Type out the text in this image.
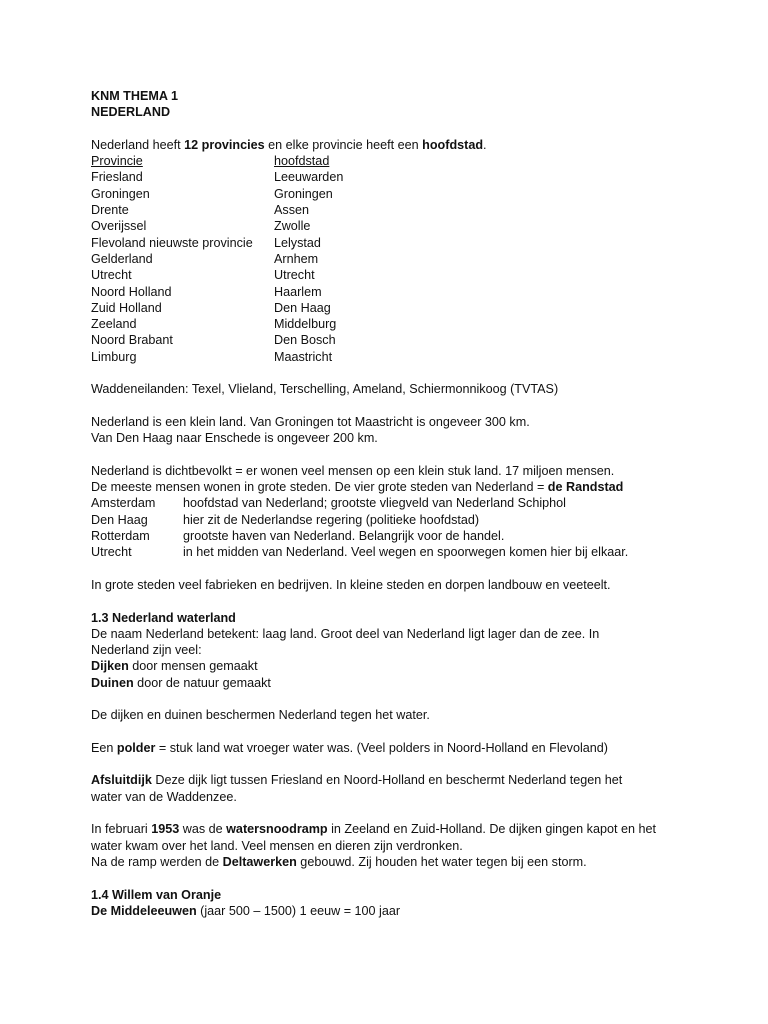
KNM THEMA 1
NEDERLAND
Nederland heeft 12 provincies en elke provincie heeft een hoofdstad.
Provincie	hoofdstad
Friesland	Leeuwarden
Groningen	Groningen
Drente	Assen
Overijssel	Zwolle
Flevoland nieuwste provincie	Lelystad
Gelderland	Arnhem
Utrecht	Utrecht
Noord Holland	Haarlem
Zuid Holland	Den Haag
Zeeland	Middelburg
Noord Brabant	Den Bosch
Limburg	Maastricht
Waddeneilanden: Texel, Vlieland, Terschelling, Ameland, Schiermonnikoog (TVTAS)
Nederland is een klein land. Van Groningen tot Maastricht is ongeveer 300 km.
Van Den Haag naar Enschede is ongeveer 200 km.
Nederland is dichtbevolkt = er wonen veel mensen op een klein stuk land. 17 miljoen mensen.
De meeste mensen wonen in grote steden. De vier grote steden van Nederland = de Randstad
Amsterdam	hoofdstad van Nederland; grootste vliegveld van Nederland Schiphol
Den Haag	hier zit de Nederlandse regering (politieke hoofdstad)
Rotterdam	grootste haven van Nederland. Belangrijk voor de handel.
Utrecht	in het midden van Nederland. Veel wegen en spoorwegen komen hier bij elkaar.
In grote steden veel fabrieken en bedrijven. In kleine steden en dorpen landbouw en veeteelt.
1.3 Nederland waterland
De naam Nederland betekent: laag land. Groot deel van Nederland ligt lager dan de zee. In
Nederland zijn veel:
Dijken door mensen gemaakt
Duinen door de natuur gemaakt
De dijken en duinen beschermen Nederland tegen het water.
Een polder = stuk land wat vroeger water was. (Veel polders in Noord-Holland en Flevoland)
Afsluitdijk Deze dijk ligt tussen Friesland en Noord-Holland en beschermt Nederland tegen het
water van de Waddenzee.
In februari 1953 was de watersnoodramp in Zeeland en Zuid-Holland. De dijken gingen kapot en het
water kwam over het land. Veel mensen en dieren zijn verdronken.
Na de ramp werden de Deltawerken gebouwd. Zij houden het water tegen bij een storm.
1.4 Willem van Oranje
De Middeleeuwen (jaar 500 – 1500) 1 eeuw = 100 jaar
